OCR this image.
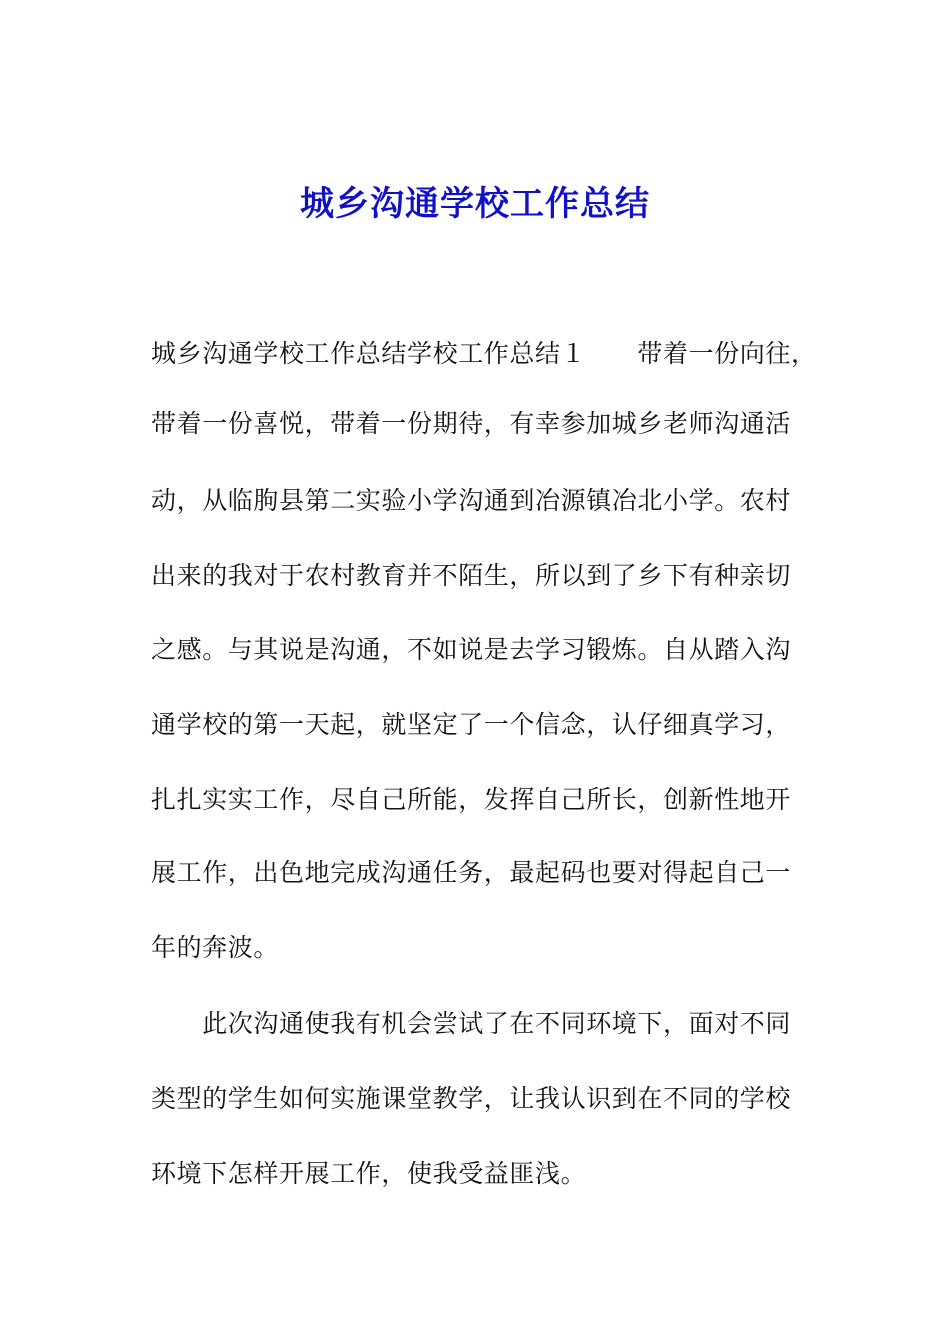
城乡沟通学校工作总结
城乡沟通学校工作总结学校工作总结１　　带着一份向往，
带着一份喜悦，带着一份期待，有幸参加城乡老师沟通活
动，从临朐县第二实验小学沟通到冶源镇冶北小学。农村
出来的我对于农村教育并不陌生，所以到了乡下有种亲切
之感。与其说是沟通，不如说是去学习锻炼。自从踏入沟
通学校的第一天起，就坚定了一个信念，认仔细真学习，
扎扎实实工作，尽自己所能，发挥自己所长，创新性地开
展工作，出色地完成沟通任务，最起码也要对得起自己一
年的奔波。
　　此次沟通使我有机会尝试了在不同环境下，面对不同
类型的学生如何实施课堂教学，让我认识到在不同的学校
环境下怎样开展工作，使我受益匪浅。
